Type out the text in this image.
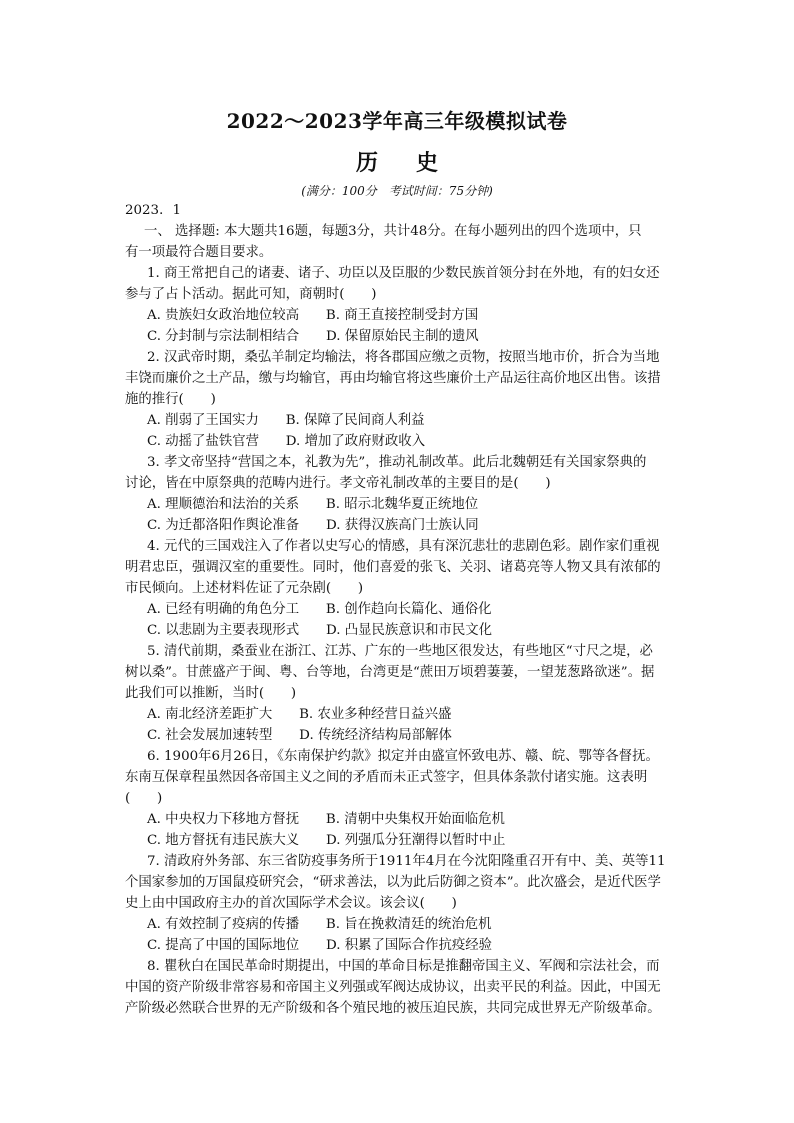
2022～2023学年高三年级模拟试卷
历史
(满分：100分　考试时间：75分钟)
2023．1
一、 选择题: 本大题共16题，每题3分，共计48分。在每小题列出的四个选项中，只
有一项最符合题目要求。
1. 商王常把自己的诸妻、诸子、功臣以及臣服的少数民族首领分封在外地，有的妇女还
参与了占卜活动。据此可知，商朝时(　　)
A. 贵族妇女政治地位较高　　B. 商王直接控制受封方国
C. 分封制与宗法制相结合　　D. 保留原始民主制的遗风
2. 汉武帝时期，桑弘羊制定均输法，将各郡国应缴之贡物，按照当地市价，折合为当地
丰饶而廉价之土产品，缴与均输官，再由均输官将这些廉价土产品运往高价地区出售。该措
施的推行(　　)
A. 削弱了王国实力　　B. 保障了民间商人利益
C. 动摇了盐铁官营　　D. 增加了政府财政收入
3. 孝文帝坚持“营国之本，礼教为先”，推动礼制改革。此后北魏朝廷有关国家祭典的
讨论，皆在中原祭典的范畴内进行。孝文帝礼制改革的主要目的是(　　)
A. 理顺德治和法治的关系　　B. 昭示北魏华夏正统地位
C. 为迁都洛阳作舆论准备　　D. 获得汉族高门士族认同
4. 元代的三国戏注入了作者以史写心的情感，具有深沉悲壮的悲剧色彩。剧作家们重视
明君忠臣，强调汉室的重要性。同时，他们喜爱的张飞、关羽、诸葛亮等人物又具有浓郁的
市民倾向。上述材料佐证了元杂剧(　　)
A. 已经有明确的角色分工　　B. 创作趋向长篇化、通俗化
C. 以悲剧为主要表现形式　　D. 凸显民族意识和市民文化
5. 清代前期，桑蚕业在浙江、江苏、广东的一些地区很发达，有些地区“寸尺之堤，必
树以桑”。甘蔗盛产于闽、粤、台等地，台湾更是“蔗田万顷碧萋萋，一望茏葱路欲迷”。据
此我们可以推断，当时(　　)
A. 南北经济差距扩大　　B. 农业多种经营日益兴盛
C. 社会发展加速转型　　D. 传统经济结构局部解体
6. 1900年6月26日，《东南保护约款》拟定并由盛宣怀致电苏、赣、皖、鄂等各督抚。
东南互保章程虽然因各帝国主义之间的矛盾而未正式签字，但具体条款付诸实施。这表明
(　　)
A. 中央权力下移地方督抚　　B. 清朝中央集权开始面临危机
C. 地方督抚有违民族大义　　D. 列强瓜分狂潮得以暂时中止
7. 清政府外务部、东三省防疫事务所于1911年4月在今沈阳隆重召开有中、美、英等11
个国家参加的万国鼠疫研究会，“研求善法，以为此后防御之资本”。此次盛会，是近代医学
史上由中国政府主办的首次国际学术会议。该会议(　　)
A. 有效控制了疫病的传播　　B. 旨在挽救清廷的统治危机
C. 提高了中国的国际地位　　D. 积累了国际合作抗疫经验
8. 瞿秋白在国民革命时期提出，中国的革命目标是推翻帝国主义、军阀和宗法社会，而
中国的资产阶级非常容易和帝国主义列强或军阀达成协议，出卖平民的利益。因此，中国无
产阶级必然联合世界的无产阶级和各个殖民地的被压迫民族，共同完成世界无产阶级革命。
